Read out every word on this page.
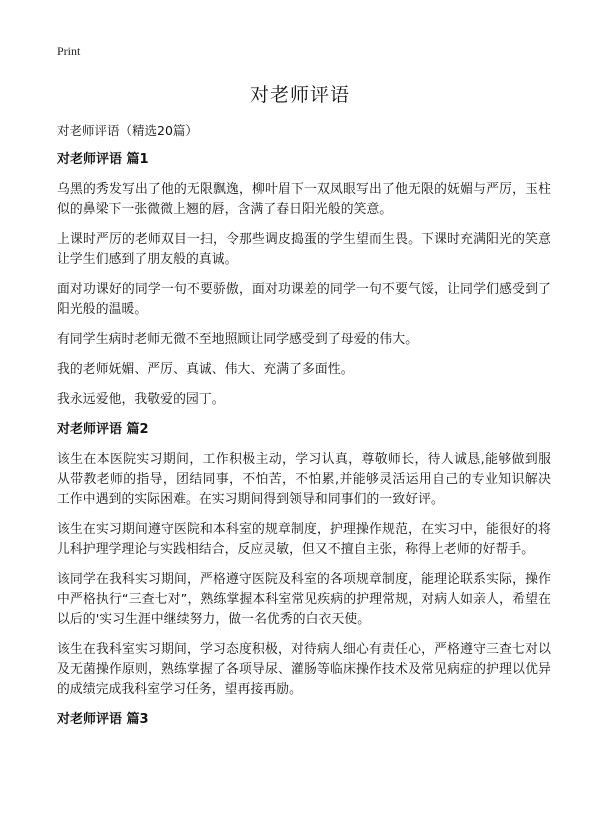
Print
对老师评语

对老师评语（精选20篇）

对老师评语 篇1

乌黑的秀发写出了他的无限飘逸，柳叶眉下一双凤眼写出了他无限的妩媚与严厉，玉柱似的鼻梁下一张微微上翘的唇，含满了春日阳光般的笑意。

上课时严厉的老师双目一扫，令那些调皮捣蛋的学生望而生畏。下课时充满阳光的笑意让学生们感到了朋友般的真诚。

面对功课好的同学一句不要骄傲，面对功课差的同学一句不要气馁，让同学们感受到了阳光般的温暖。

有同学生病时老师无微不至地照顾让同学感受到了母爱的伟大。

我的老师妩媚、严厉、真诚、伟大、充满了多面性。

我永远爱他，我敬爱的园丁。

对老师评语 篇2

该生在本医院实习期间，工作积极主动，学习认真，尊敬师长，待人诚恳,能够做到服从带教老师的指导，团结同事，不怕苦，不怕累,并能够灵活运用自己的专业知识解决工作中遇到的实际困难。在实习期间得到领导和同事们的一致好评。

该生在实习期间遵守医院和本科室的规章制度，护理操作规范，在实习中，能很好的将儿科护理学理论与实践相结合，反应灵敏，但又不擅自主张，称得上老师的好帮手。

该同学在我科实习期间，严格遵守医院及科室的各项规章制度，能理论联系实际，操作中严格执行“三查七对”，熟练掌握本科室常见疾病的护理常规，对病人如亲人，希望在以后的'实习生涯中继续努力，做一名优秀的白衣天使。

该生在我科室实习期间，学习态度积极，对待病人细心有责任心，严格遵守三查七对以及无菌操作原则，熟练掌握了各项导尿、灌肠等临床操作技术及常见病症的护理以优异的成绩完成我科室学习任务，望再接再励。

对老师评语 篇3
